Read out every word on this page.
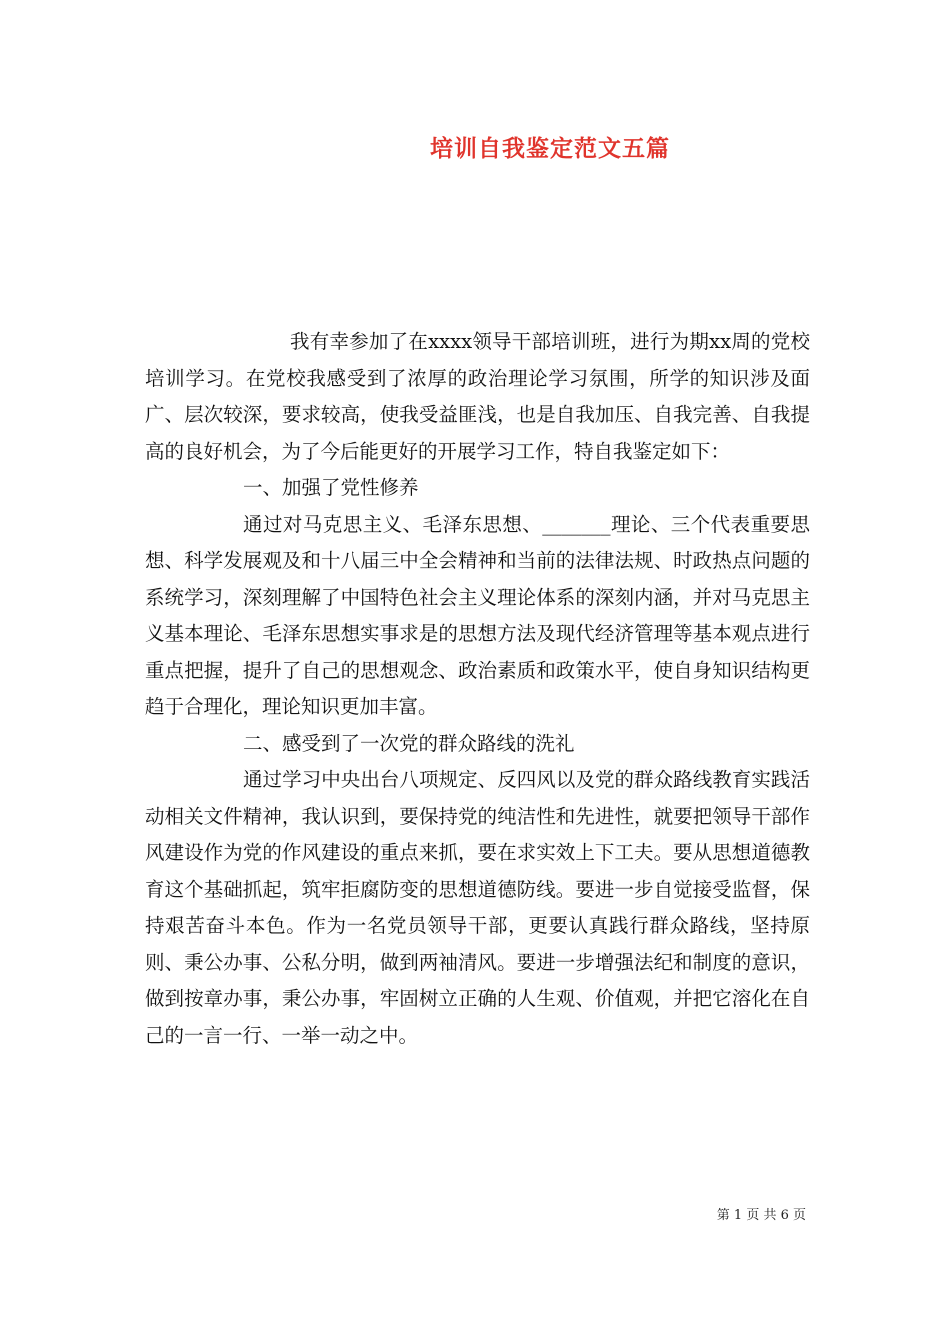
培训自我鉴定范文五篇

我有幸参加了在xxxx领导干部培训班，进行为期xx周的党校培训学习。在党校我感受到了浓厚的政治理论学习氛围，所学的知识涉及面广、层次较深，要求较高，使我受益匪浅，也是自我加压、自我完善、自我提高的良好机会，为了今后能更好的开展学习工作，特自我鉴定如下：

一、加强了党性修养

通过对马克思主义、毛泽东思想、_______理论、三个代表重要思想、科学发展观及和十八届三中全会精神和当前的法律法规、时政热点问题的系统学习，深刻理解了中国特色社会主义理论体系的深刻内涵，并对马克思主义基本理论、毛泽东思想实事求是的思想方法及现代经济管理等基本观点进行重点把握，提升了自己的思想观念、政治素质和政策水平，使自身知识结构更趋于合理化，理论知识更加丰富。

二、感受到了一次党的群众路线的洗礼

通过学习中央出台八项规定、反四风以及党的群众路线教育实践活动相关文件精神，我认识到，要保持党的纯洁性和先进性，就要把领导干部作风建设作为党的作风建设的重点来抓，要在求实效上下工夫。要从思想道德教育这个基础抓起，筑牢拒腐防变的思想道德防线。要进一步自觉接受监督，保持艰苦奋斗本色。作为一名党员领导干部，更要认真践行群众路线，坚持原则、秉公办事、公私分明，做到两袖清风。要进一步增强法纪和制度的意识，做到按章办事，秉公办事，牢固树立正确的人生观、价值观，并把它溶化在自己的一言一行、一举一动之中。

第 1 页 共 6 页
